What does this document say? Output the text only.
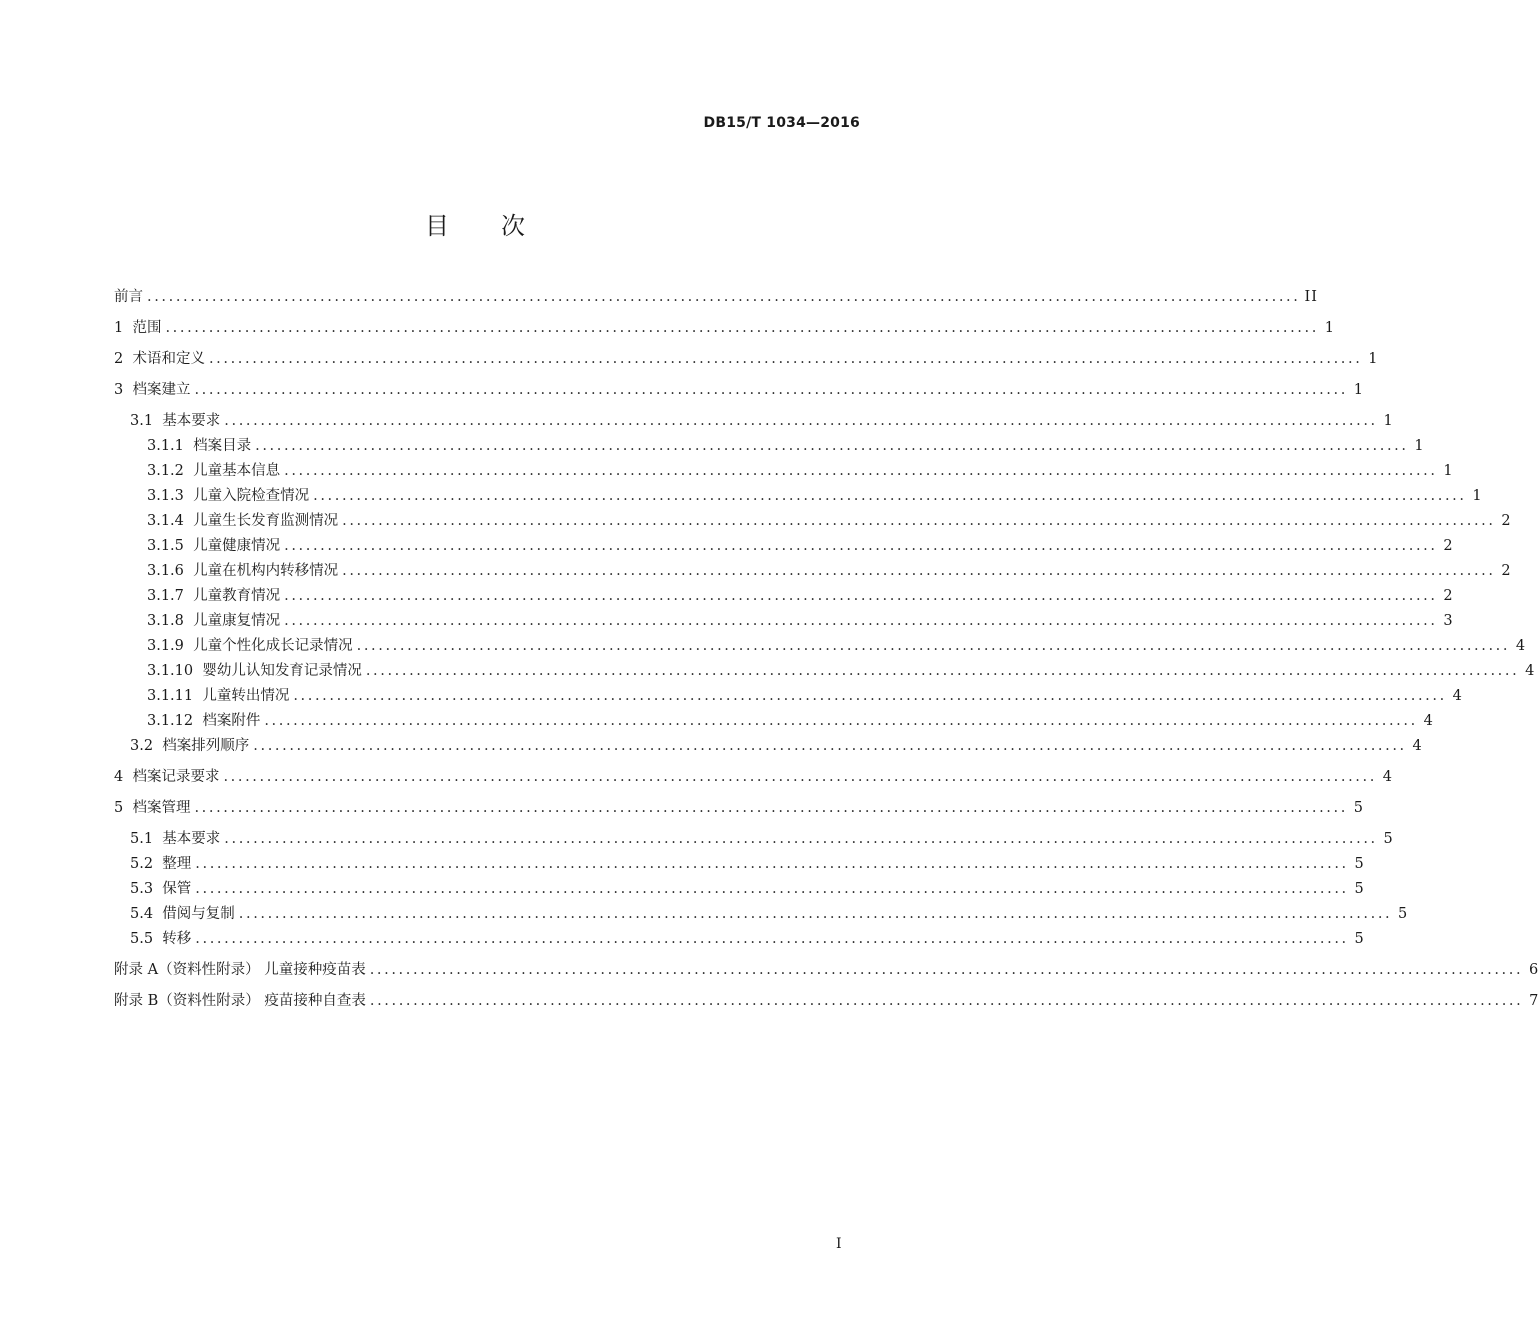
DB15/T 1034—2016
目 次
前言 ................................................................................................................................................................ II
1 范围 ................................................................................................................................................................ 1
2 术语和定义 ................................................................................................................................................................ 1
3 档案建立 ................................................................................................................................................................ 1
3.1 基本要求 ................................................................................................................................................................ 1
3.1.1 档案目录 ................................................................................................................................................................ 1
3.1.2 儿童基本信息 ................................................................................................................................................................ 1
3.1.3 儿童入院检查情况 ................................................................................................................................................................ 1
3.1.4 儿童生长发育监测情况 ................................................................................................................................................................ 2
3.1.5 儿童健康情况 ................................................................................................................................................................ 2
3.1.6 儿童在机构内转移情况 ................................................................................................................................................................ 2
3.1.7 儿童教育情况 ................................................................................................................................................................ 2
3.1.8 儿童康复情况 ................................................................................................................................................................ 3
3.1.9 儿童个性化成长记录情况 ................................................................................................................................................................ 4
3.1.10 婴幼儿认知发育记录情况 ................................................................................................................................................................ 4
3.1.11 儿童转出情况 ................................................................................................................................................................ 4
3.1.12 档案附件 ................................................................................................................................................................ 4
3.2 档案排列顺序 ................................................................................................................................................................ 4
4 档案记录要求 ................................................................................................................................................................ 4
5 档案管理 ................................................................................................................................................................ 5
5.1 基本要求 ................................................................................................................................................................ 5
5.2 整理 ................................................................................................................................................................ 5
5.3 保管 ................................................................................................................................................................ 5
5.4 借阅与复制 ................................................................................................................................................................ 5
5.5 转移 ................................................................................................................................................................ 5
附录 A（资料性附录） 儿童接种疫苗表 ................................................................................................................................................................ 6
附录 B（资料性附录） 疫苗接种自查表 ................................................................................................................................................................ 7
I
